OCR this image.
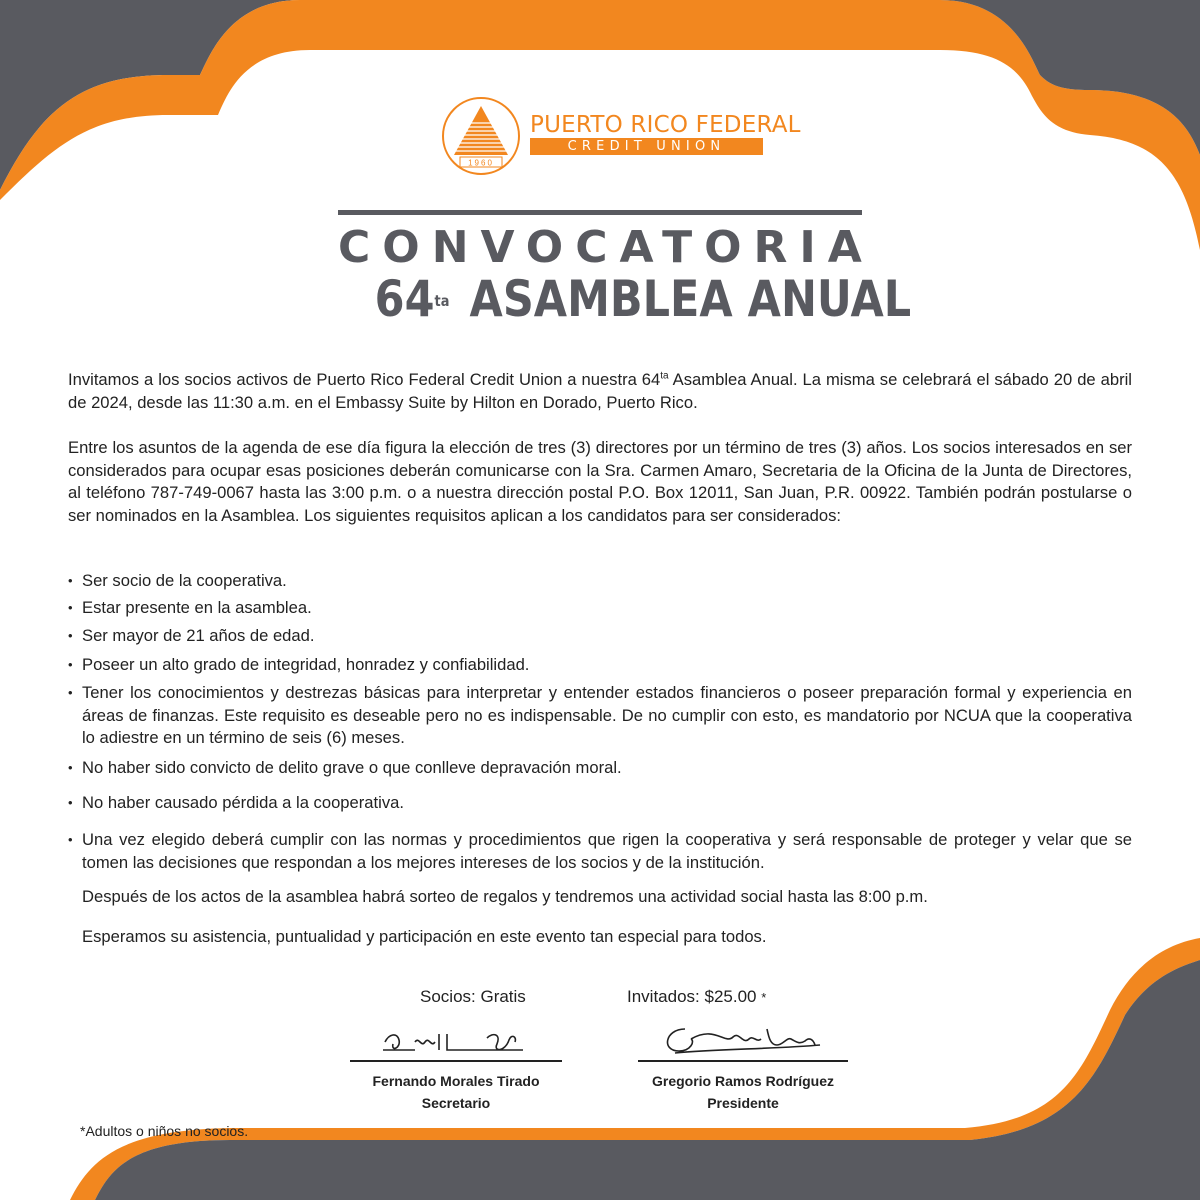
1960
PUERTO RICO FEDERAL
CREDIT UNION
CONVOCATORIA
$64^{ta}$ ASAMBLEA ANUAL
Invitamos a los socios activos de Puerto Rico Federal Credit Union a nuestra $64^{ta}$ Asamblea Anual. La misma se celebrará el sábado 20 de abril de 2024, desde las 11:30 a.m. en el Embassy Suite by Hilton en Dorado, Puerto Rico.
Entre los asuntos de la agenda de ese día figura la elección de tres (3) directores por un término de tres (3) años. Los socios interesados en ser considerados para ocupar esas posiciones deberán comunicarse con la Sra. Carmen Amaro, Secretaria de la Oficina de la Junta de Directores, al teléfono 787-749-0067 hasta las 3:00 p.m. o a nuestra dirección postal P.O. Box 12011, San Juan, P.R. 00922. También podrán postularse o ser nominados en la Asamblea. Los siguientes requisitos aplican a los candidatos para ser considerados:
• Ser socio de la cooperativa.
• Estar presente en la asamblea.
• Ser mayor de 21 años de edad.
• Poseer un alto grado de integridad, honradez y confiabilidad.
• Tener los conocimientos y destrezas básicas para interpretar y entender estados financieros o poseer preparación formal y experiencia en áreas de finanzas. Este requisito es deseable pero no es indispensable. De no cumplir con esto, es mandatorio por NCUA que la cooperativa lo adiestre en un término de seis (6) meses.
• No haber sido convicto de delito grave o que conlleve depravación moral.
• No haber causado pérdida a la cooperativa.
• Una vez elegido deberá cumplir con las normas y procedimientos que rigen la cooperativa y será responsable de proteger y velar que se tomen las decisiones que respondan a los mejores intereses de los socios y de la institución.
Después de los actos de la asamblea habrá sorteo de regalos y tendremos una actividad social hasta las 8:00 p.m.
Esperamos su asistencia, puntualidad y participación en este evento tan especial para todos.
Socios: Gratis	Invitados: $25.00 *
Fernando Morales Tirado
Secretario
Gregorio Ramos Rodríguez
Presidente
*Adultos o niños no socios.
